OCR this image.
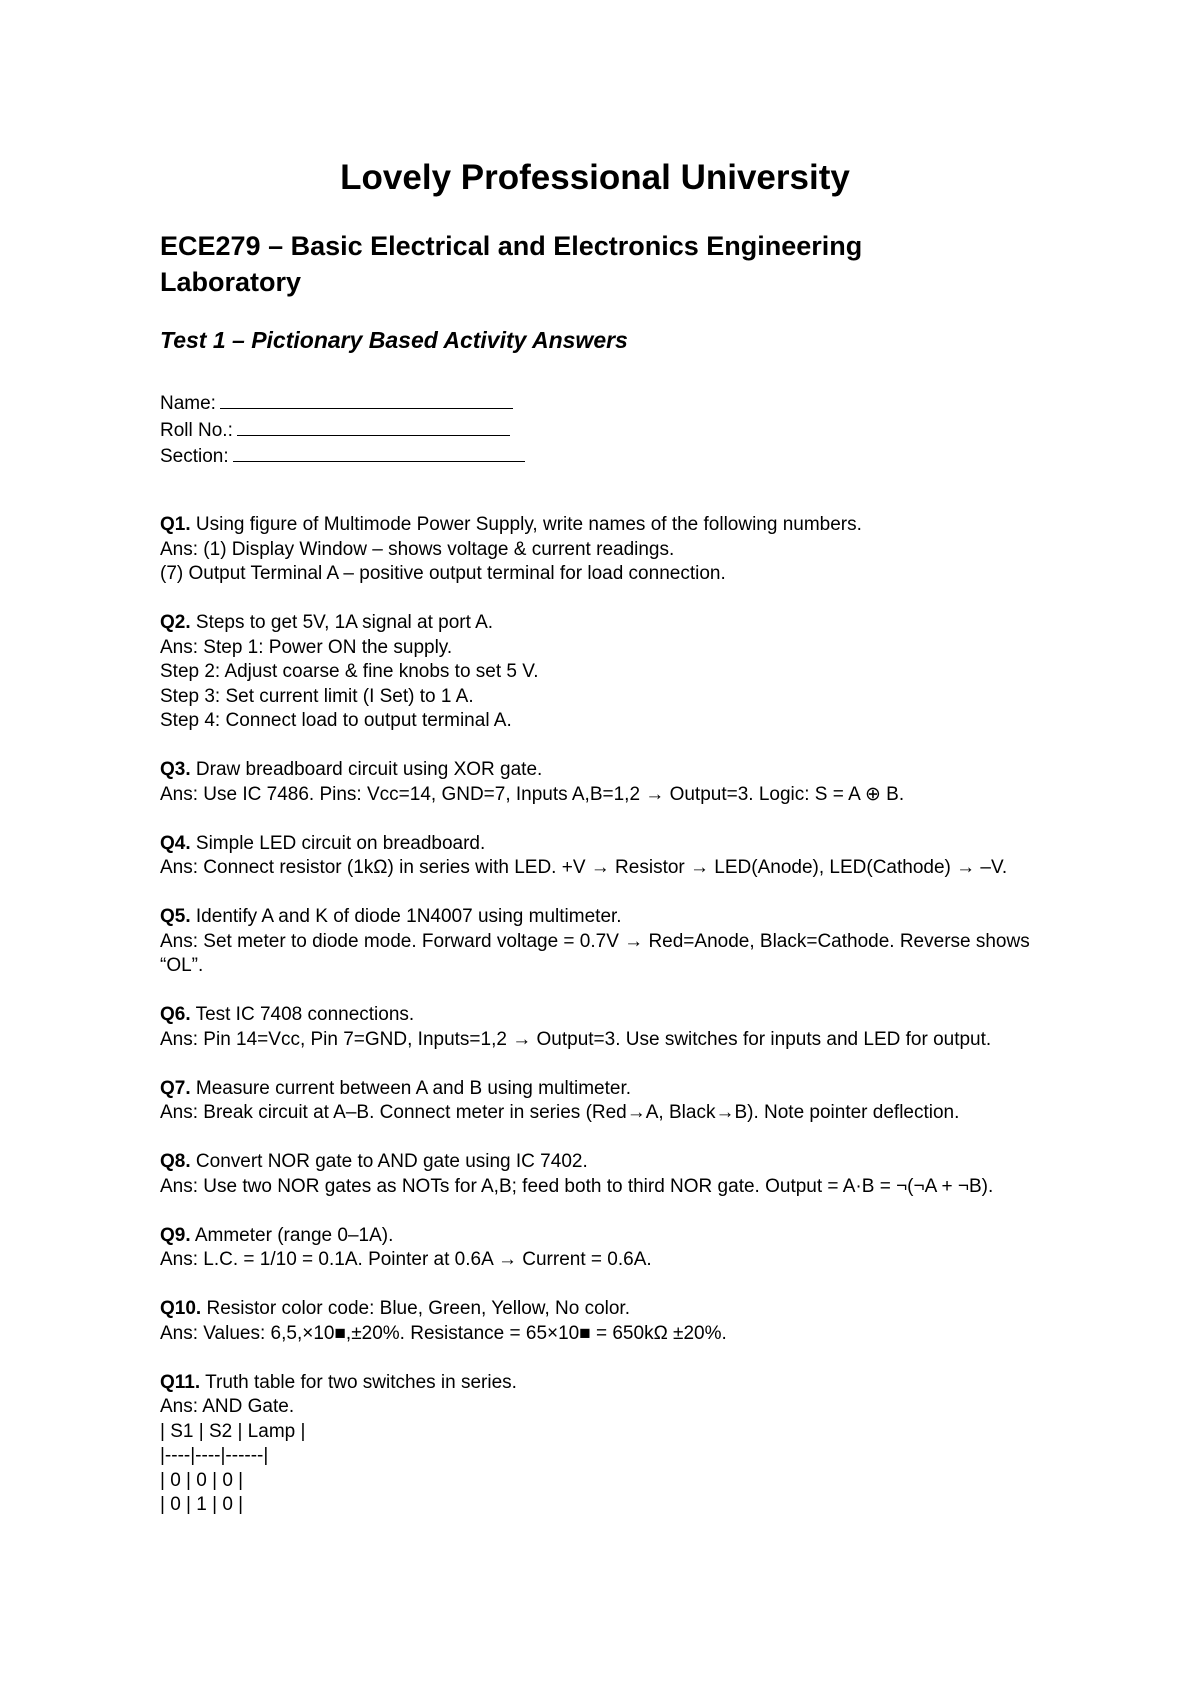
Lovely Professional University
ECE279 – Basic Electrical and Electronics Engineering Laboratory
Test 1 – Pictionary Based Activity Answers
Name:
Roll No.:
Section:

Q1. Using figure of Multimode Power Supply, write names of the following numbers.

Ans: (1) Display Window – shows voltage & current readings.

(7) Output Terminal A – positive output terminal for load connection.

Q2. Steps to get 5V, 1A signal at port A.

Ans: Step 1: Power ON the supply.

Step 2: Adjust coarse & fine knobs to set 5 V.

Step 3: Set current limit (I Set) to 1 A.

Step 4: Connect load to output terminal A.

Q3. Draw breadboard circuit using XOR gate.

Ans: Use IC 7486. Pins: Vcc=14, GND=7, Inputs A,B=1,2 → Output=3. Logic: S = A ⊕ B.

Q4. Simple LED circuit on breadboard.

Ans: Connect resistor (1kΩ) in series with LED. +V → Resistor → LED(Anode), LED(Cathode) → –V.

Q5. Identify A and K of diode 1N4007 using multimeter.

Ans: Set meter to diode mode. Forward voltage = 0.7V → Red=Anode, Black=Cathode. Reverse shows “OL”.

Q6. Test IC 7408 connections.

Ans: Pin 14=Vcc, Pin 7=GND, Inputs=1,2 → Output=3. Use switches for inputs and LED for output.

Q7. Measure current between A and B using multimeter.

Ans: Break circuit at A–B. Connect meter in series (Red→A, Black→B). Note pointer deflection.

Q8. Convert NOR gate to AND gate using IC 7402.

Ans: Use two NOR gates as NOTs for A,B; feed both to third NOR gate. Output = A·B = ¬(¬A + ¬B).

Q9. Ammeter (range 0–1A).

Ans: L.C. = 1/10 = 0.1A. Pointer at 0.6A → Current = 0.6A.

Q10. Resistor color code: Blue, Green, Yellow, No color.

Ans: Values: 6,5,×10■,±20%. Resistance = 65×10■ = 650kΩ ±20%.

Q11. Truth table for two switches in series.

Ans: AND Gate.

| S1 | S2 | Lamp |

|----|----|------|

| 0 | 0 | 0 |

| 0 | 1 | 0 |
